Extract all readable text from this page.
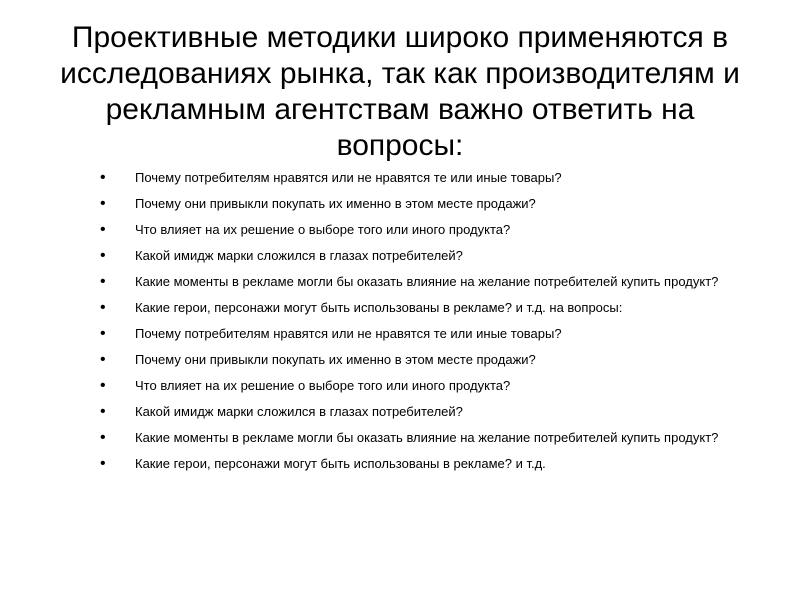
Проективные методики широко применяются в исследованиях рынка, так как производителям и рекламным агентствам важно ответить на вопросы:
•	Почему потребителям нравятся или не нравятся те или иные товары?
•	Почему они привыкли покупать их именно в этом месте продажи?
•	Что влияет на их решение о выборе того или иного продукта?
•	Какой имидж марки сложился в глазах потребителей?
•	Какие моменты в рекламе могли бы оказать влияние на желание потребителей купить продукт?
•	Какие герои, персонажи могут быть использованы в рекламе? и т.д. на вопросы:
•	Почему потребителям нравятся или не нравятся те или иные товары?
•	Почему они привыкли покупать их именно в этом месте продажи?
•	Что влияет на их решение о выборе того или иного продукта?
•	Какой имидж марки сложился в глазах потребителей?
•	Какие моменты в рекламе могли бы оказать влияние на желание потребителей купить продукт?
•	Какие герои, персонажи могут быть использованы в рекламе? и т.д.
